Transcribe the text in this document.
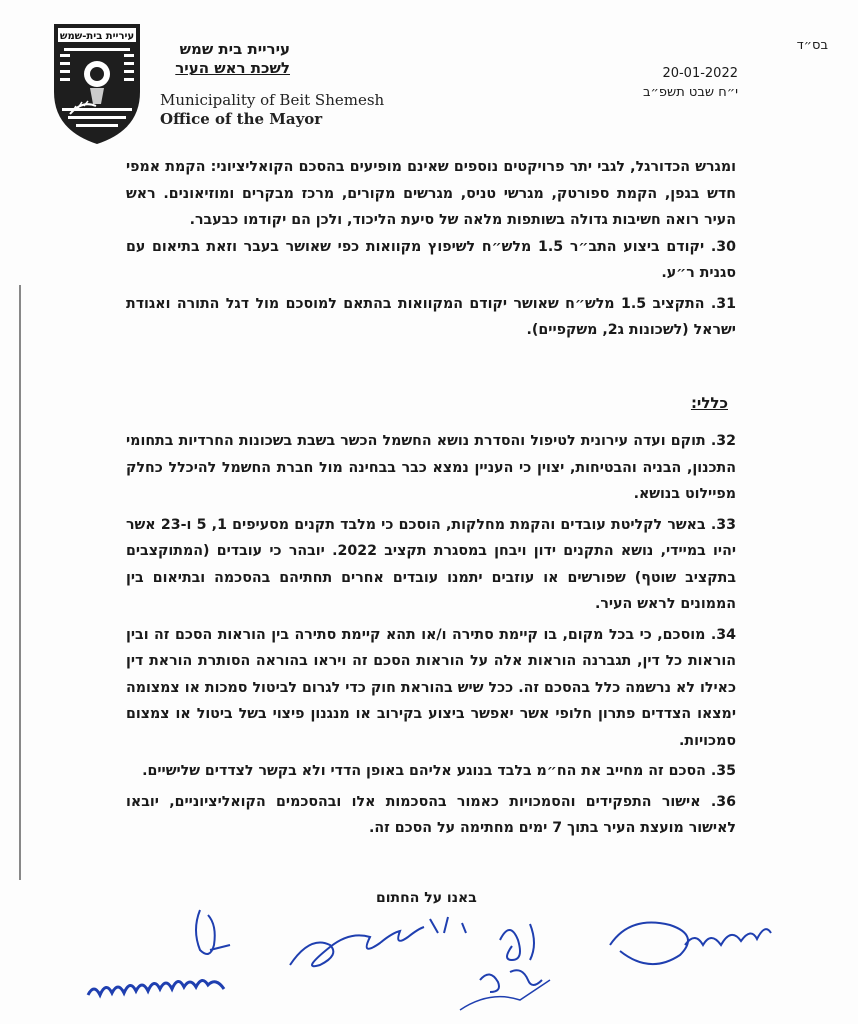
עיריית בית-שמש
עיריית בית שמש
לשכת ראש העיר
Municipality of Beit Shemesh
Office of the Mayor
בס״ד
20-01-2022
י״ח שבט תשפ״ב

ומגרש הכדורגל, לגבי יתר פרויקטים נוספים שאינם מופיעים בהסכם הקואליציוני: הקמת אמפי חדש בגפן, הקמת ספורטק, מגרשי טניס, מגרשים מקורים, מרכז מבקרים ומוזיאונים. ראש העיר רואה חשיבות גדולה בשותפות מלאה של סיעת הליכוד, ולכן הם יקודמו כבעבר.

30. יקודם ביצוע התב״ר 1.5 מלש״ח לשיפוץ מקוואות כפי שאושר בעבר וזאת בתיאום עם סגנית ר״ע.

31. התקציב 1.5 מלש״ח שאושר יקודם המקוואות בהתאם למוסכם מול דגל התורה ואגודת ישראל (לשכונות ג2, משקפיים).

כללי:

32. תוקם ועדה עירונית לטיפול והסדרת נושא החשמל הכשר בשבת בשכונות החרדיות בתחומי התכנון, הבניה והבטיחות, יצוין כי העניין נמצא כבר בבחינה מול חברת החשמל להיכלל כחלק מפיילוט בנושא.

33. באשר לקליטת עובדים והקמת מחלקות, הוסכם כי מלבד תקנים מסעיפים 1, 5 ו-23 אשר יהיו במיידי, נושא התקנים ידון ויבחן במסגרת תקציב 2022. יובהר כי עובדים (המתוקצבים בתקציב שוטף) שפורשים או עוזבים יתמנו עובדים אחרים תחתיהם בהסכמה ובתיאום בין הממונים לראש העיר.

34. מוסכם, כי בכל מקום, בו קיימת סתירה ו/או תהא קיימת סתירה בין הוראות הסכם זה ובין הוראות כל דין, תגברנה הוראות אלה על הוראות הסכם זה ויראו בהוראה הסותרת הוראת דין כאילו לא נרשמה כלל בהסכם זה. ככל שיש בהוראת חוק כדי לגרום לביטול סמכות או צמצומה ימצאו הצדדים פתרון חלופי אשר יאפשר ביצוע בקירוב או מנגנון פיצוי בשל ביטול או צמצום סמכויות.

35. הסכם זה מחייב את הח״מ בלבד בנוגע אליהם באופן הדדי ולא בקשר לצדדים שלישיים.

36. אישור התפקידים והסמכויות כאמור בהסכמות אלו ובהסכמים הקואליציוניים, יובאו לאישור מועצת העיר בתוך 7 ימים מחתימה על הסכם זה.

באנו על החתום
